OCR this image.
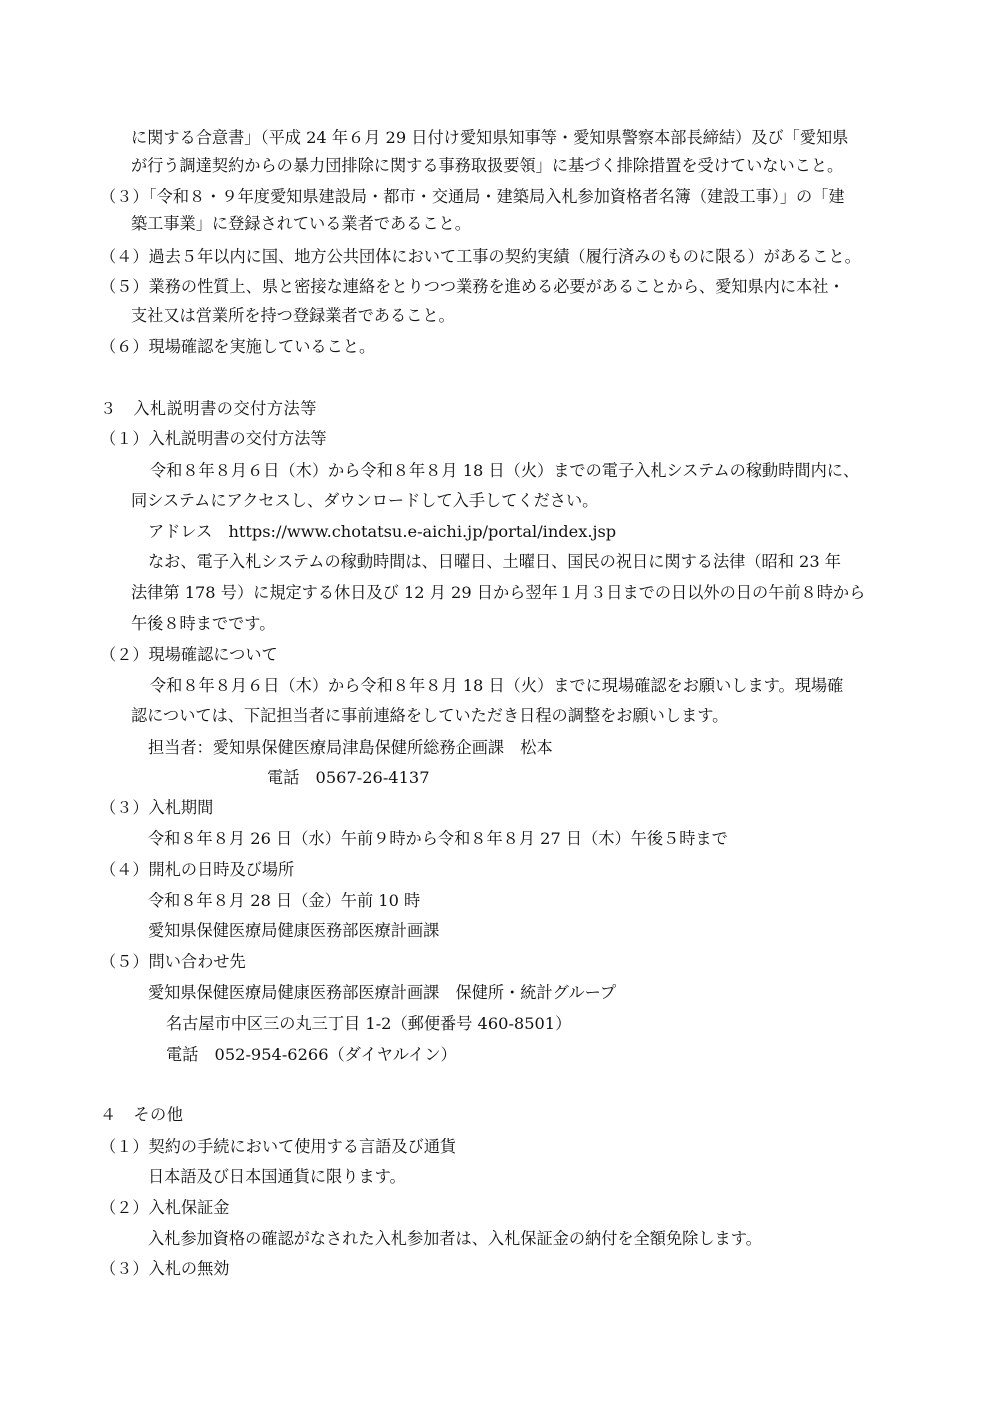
に関する合意書」（平成 24 年６月 29 日付け愛知県知事等・愛知県警察本部長締結）及び「愛知県
が行う調達契約からの暴力団排除に関する事務取扱要領」に基づく排除措置を受けていないこと。
（３）「令和８・９年度愛知県建設局・都市・交通局・建築局入札参加資格者名簿（建設工事）」の「建
築工事業」に登録されている業者であること。
（４）過去５年以内に国、地方公共団体において工事の契約実績（履行済みのものに限る）があること。
（５）業務の性質上、県と密接な連絡をとりつつ業務を進める必要があることから、愛知県内に本社・
支社又は営業所を持つ登録業者であること。
（６）現場確認を実施していること。
３　入札説明書の交付方法等
（１）入札説明書の交付方法等
令和８年８月６日（木）から令和８年８月 18 日（火）までの電子入札システムの稼動時間内に、
同システムにアクセスし、ダウンロードして入手してください。
アドレス　https://www.chotatsu.e-aichi.jp/portal/index.jsp
なお、電子入札システムの稼動時間は、日曜日、土曜日、国民の祝日に関する法律（昭和 23 年
法律第 178 号）に規定する休日及び 12 月 29 日から翌年１月３日までの日以外の日の午前８時から
午後８時までです。
（２）現場確認について
令和８年８月６日（木）から令和８年８月 18 日（火）までに現場確認をお願いします。現場確
認については、下記担当者に事前連絡をしていただき日程の調整をお願いします。
担当者：愛知県保健医療局津島保健所総務企画課　松本
電話　0567-26-4137
（３）入札期間
令和８年８月 26 日（水）午前９時から令和８年８月 27 日（木）午後５時まで
（４）開札の日時及び場所
令和８年８月 28 日（金）午前 10 時
愛知県保健医療局健康医務部医療計画課
（５）問い合わせ先
愛知県保健医療局健康医務部医療計画課　保健所・統計グループ
名古屋市中区三の丸三丁目 1-2（郵便番号 460-8501）
電話　052-954-6266（ダイヤルイン）
４　その他
（１）契約の手続において使用する言語及び通貨
日本語及び日本国通貨に限ります。
（２）入札保証金
入札参加資格の確認がなされた入札参加者は、入札保証金の納付を全額免除します。
（３）入札の無効
